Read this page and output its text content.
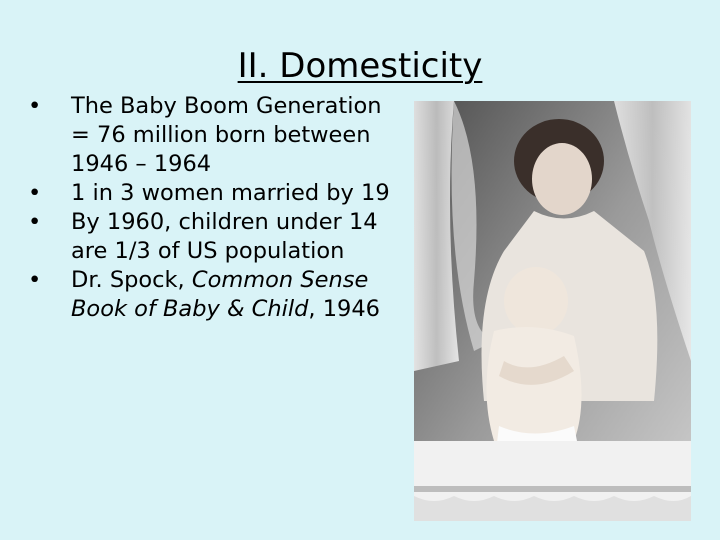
II. Domesticity
• The Baby Boom Generation = 76 million born between 1946 – 1964
• 1 in 3 women married by 19
• By 1960, children under 14 are 1/3 of US population
• Dr. Spock, Common Sense Book of Baby & Child, 1946
